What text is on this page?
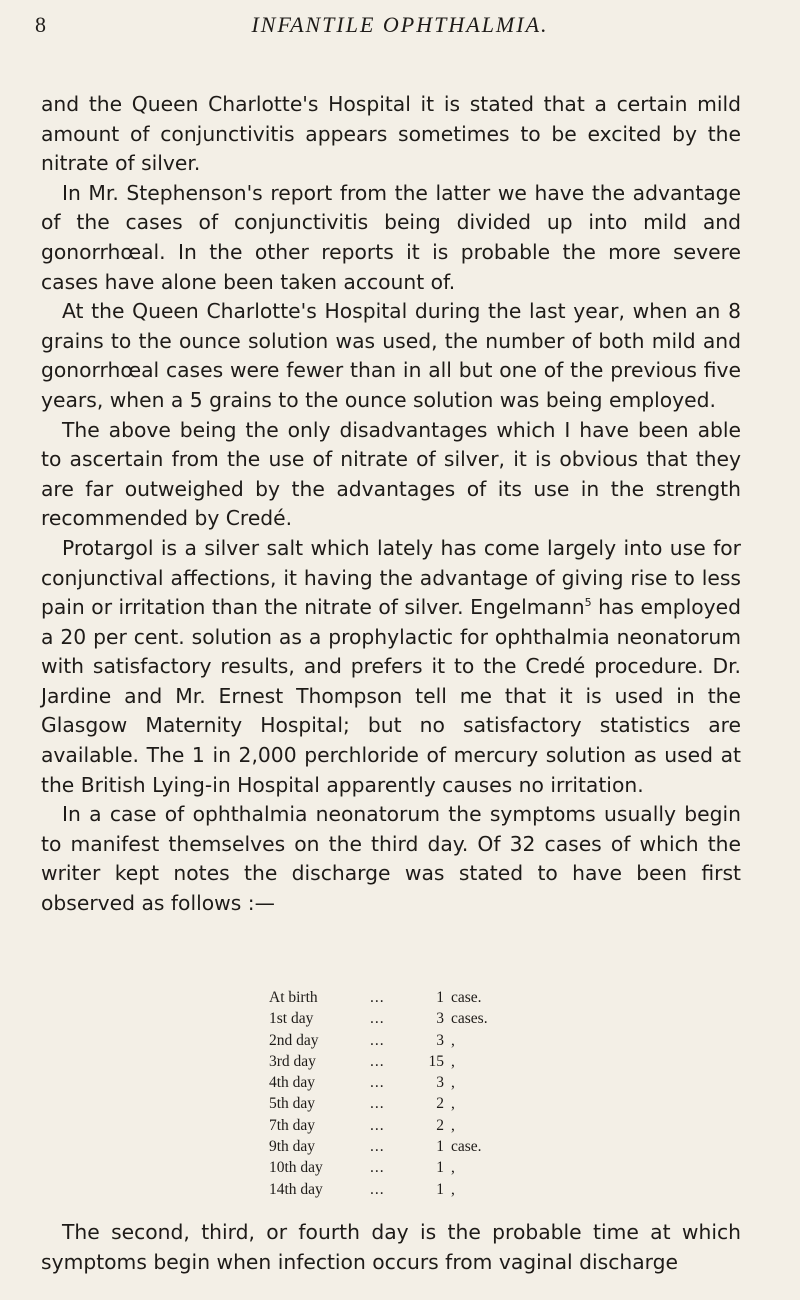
8	INFANTILE OPHTHALMIA.

and the Queen Charlotte's Hospital it is stated that a certain mild amount of conjunctivitis appears sometimes to be excited by the nitrate of silver.

In Mr. Stephenson's report from the latter we have the advantage of the cases of conjunctivitis being divided up into mild and gonorrhœal. In the other reports it is probable the more severe cases have alone been taken account of.

At the Queen Charlotte's Hospital during the last year, when an 8 grains to the ounce solution was used, the number of both mild and gonorrhœal cases were fewer than in all but one of the previous five years, when a 5 grains to the ounce solution was being employed.

The above being the only disadvantages which I have been able to ascertain from the use of nitrate of silver, it is obvious that they are far outweighed by the advantages of its use in the strength recommended by Credé.

Protargol is a silver salt which lately has come largely into use for conjunctival affections, it having the advantage of giving rise to less pain or irritation than the nitrate of silver. Engelmann$^5$ has employed a 20 per cent. solution as a prophylactic for ophthalmia neonatorum with satisfactory results, and prefers it to the Credé procedure. Dr. Jardine and Mr. Ernest Thompson tell me that it is used in the Glasgow Maternity Hospital; but no satisfactory statistics are available. The 1 in 2,000 perchloride of mercury solution as used at the British Lying-in Hospital apparently causes no irritation.

In a case of ophthalmia neonatorum the symptoms usually begin to manifest themselves on the third day. Of 32 cases of which the writer kept notes the discharge was stated to have been first observed as follows :—

At birth	...	1 case.
1st day	...	3 cases.
2nd day	...	3 ,
3rd day	...	15 ,
4th day	...	3 ,
5th day	...	2 ,
7th day	...	2 ,
9th day	...	1 case.
10th day	...	1 ,
14th day	...	1 ,

The second, third, or fourth day is the probable time at which symptoms begin when infection occurs from vaginal discharge
